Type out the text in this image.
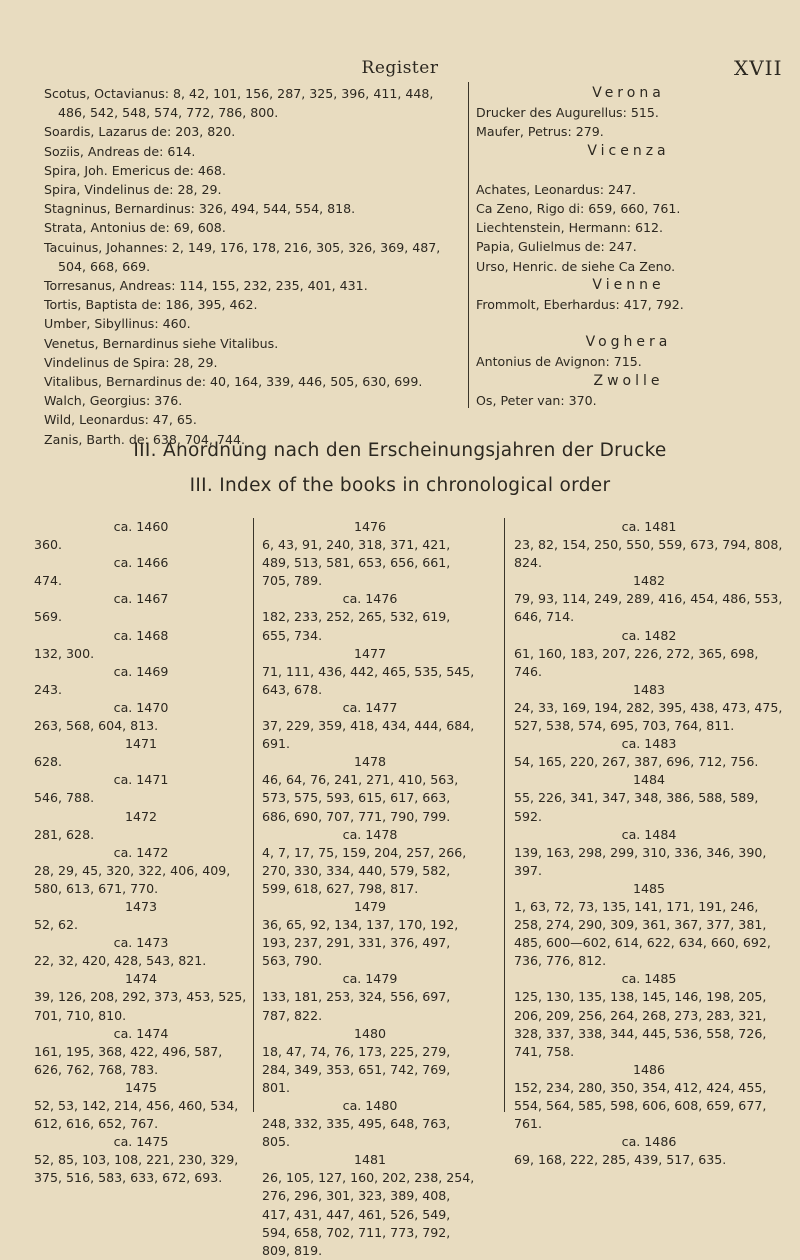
Register	XVII
Scotus, Octavianus: 8, 42, 101, 156, 287, 325, 396, 411, 448, 486, 542, 548, 574, 772, 786, 800.
Soardis, Lazarus de: 203, 820.
Soziis, Andreas de: 614.
Spira, Joh. Emericus de: 468.
Spira, Vindelinus de: 28, 29.
Stagninus, Bernardinus: 326, 494, 544, 554, 818.
Strata, Antonius de: 69, 608.
Tacuinus, Johannes: 2, 149, 176, 178, 216, 305, 326, 369, 487, 504, 668, 669.
Torresanus, Andreas: 114, 155, 232, 235, 401, 431.
Tortis, Baptista de: 186, 395, 462.
Umber, Sibyllinus: 460.
Venetus, Bernardinus siehe Vitalibus.
Vindelinus de Spira: 28, 29.
Vitalibus, Bernardinus de: 40, 164, 339, 446, 505, 630, 699.
Walch, Georgius: 376.
Wild, Leonardus: 47, 65.
Zanis, Barth. de: 638, 704, 744.

Verona

Drucker des Augurellus: 515.

Maufer, Petrus: 279.

Vicenza

Achates, Leonardus: 247.

Ca Zeno, Rigo di: 659, 660, 761.

Liechtenstein, Hermann: 612.

Papia, Gulielmus de: 247.

Urso, Henric. de siehe Ca Zeno.

Vienne

Frommolt, Eberhardus: 417, 792.

Voghera

Antonius de Avignon: 715.

Zwolle

Os, Peter van: 370.

III. Anordnung nach den Erscheinungsjahren der Drucke
III. Index of the books in chronological order

ca. 1460

360.

ca. 1466

474.

ca. 1467

569.

ca. 1468

132, 300.

ca. 1469

243.

ca. 1470

263, 568, 604, 813.

1471

628.

ca. 1471

546, 788.

1472

281, 628.

ca. 1472

28, 29, 45, 320, 322, 406, 409, 580, 613, 671, 770.

1473

52, 62.

ca. 1473

22, 32, 420, 428, 543, 821.

1474

39, 126, 208, 292, 373, 453, 525, 701, 710, 810.

ca. 1474

161, 195, 368, 422, 496, 587, 626, 762, 768, 783.

1475

52, 53, 142, 214, 456, 460, 534, 612, 616, 652, 767.

ca. 1475

52, 85, 103, 108, 221, 230, 329, 375, 516, 583, 633, 672, 693.

1476

6, 43, 91, 240, 318, 371, 421, 489, 513, 581, 653, 656, 661, 705, 789.

ca. 1476

182, 233, 252, 265, 532, 619, 655, 734.

1477

71, 111, 436, 442, 465, 535, 545, 643, 678.

ca. 1477

37, 229, 359, 418, 434, 444, 684, 691.

1478

46, 64, 76, 241, 271, 410, 563, 573, 575, 593, 615, 617, 663, 686, 690, 707, 771, 790, 799.

ca. 1478

4, 7, 17, 75, 159, 204, 257, 266, 270, 330, 334, 440, 579, 582, 599, 618, 627, 798, 817.

1479

36, 65, 92, 134, 137, 170, 192, 193, 237, 291, 331, 376, 497, 563, 790.

ca. 1479

133, 181, 253, 324, 556, 697, 787, 822.

1480

18, 47, 74, 76, 173, 225, 279, 284, 349, 353, 651, 742, 769, 801.

ca. 1480

248, 332, 335, 495, 648, 763, 805.

1481

26, 105, 127, 160, 202, 238, 254, 276, 296, 301, 323, 389, 408, 417, 431, 447, 461, 526, 549, 594, 658, 702, 711, 773, 792, 809, 819.

ca. 1481

23, 82, 154, 250, 550, 559, 673, 794, 808, 824.

1482

79, 93, 114, 249, 289, 416, 454, 486, 553, 646, 714.

ca. 1482

61, 160, 183, 207, 226, 272, 365, 698, 746.

1483

24, 33, 169, 194, 282, 395, 438, 473, 475, 527, 538, 574, 695, 703, 764, 811.

ca. 1483

54, 165, 220, 267, 387, 696, 712, 756.

1484

55, 226, 341, 347, 348, 386, 588, 589, 592.

ca. 1484

139, 163, 298, 299, 310, 336, 346, 390, 397.

1485

1, 63, 72, 73, 135, 141, 171, 191, 246, 258, 274, 290, 309, 361, 367, 377, 381, 485, 600—602, 614, 622, 634, 660, 692, 736, 776, 812.

ca. 1485

125, 130, 135, 138, 145, 146, 198, 205, 206, 209, 256, 264, 268, 273, 283, 321, 328, 337, 338, 344, 445, 536, 558, 726, 741, 758.

1486

152, 234, 280, 350, 354, 412, 424, 455, 554, 564, 585, 598, 606, 608, 659, 677, 761.

ca. 1486

69, 168, 222, 285, 439, 517, 635.
